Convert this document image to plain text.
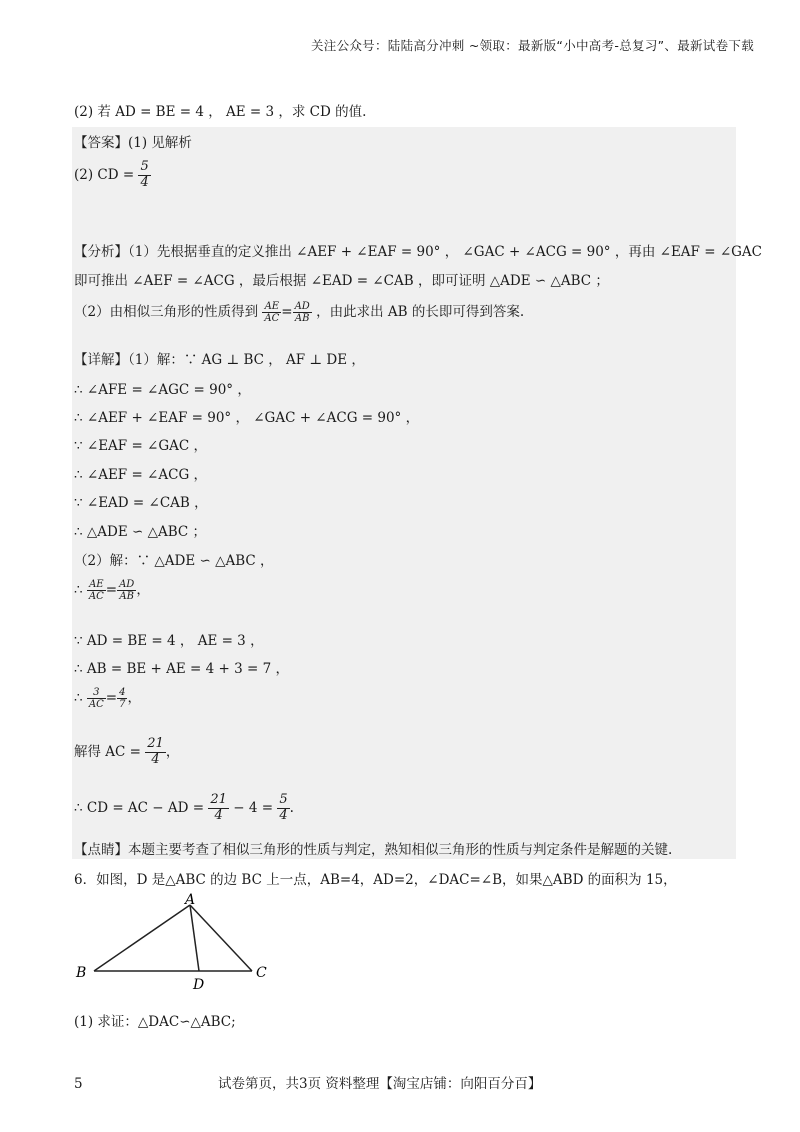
关注公众号：陆陆高分冲刺 ~领取：最新版“小中高考-总复习”、最新试卷下载
(2) 若 AD = BE = 4 ， AE = 3 ，求 CD 的值.
【答案】(1) 见解析
(2) CD = $\frac{5}{4}$
【分析】（1）先根据垂直的定义推出 ∠AEF + ∠EAF = 90° ， ∠GAC + ∠ACG = 90° ，再由 ∠EAF = ∠GAC
即可推出 ∠AEF = ∠ACG ，最后根据 ∠EAD = ∠CAB ，即可证明 △ADE ∽ △ABC ；
（2）由相似三角形的性质得到 $\frac{AE}{AC} = \frac{AD}{AB}$ ，由此求出 AB 的长即可得到答案.
【详解】（1）解：∵ AG ⊥ BC ， AF ⊥ DE ，
∴ ∠AFE = ∠AGC = 90° ，
∴ ∠AEF + ∠EAF = 90° ， ∠GAC + ∠ACG = 90° ，
∵ ∠EAF = ∠GAC ，
∴ ∠AEF = ∠ACG ，
∵ ∠EAD = ∠CAB ，
∴ △ADE ∽ △ABC ；
（2）解：∵ △ADE ∽ △ABC ，
∴ $\frac{AE}{AC} = \frac{AD}{AB}$ ，
∵ AD = BE = 4 ， AE = 3 ，
∴ AB = BE + AE = 4 + 3 = 7 ，
∴ $\frac{3}{AC} = \frac{4}{7}$ ，
解得 AC = $\frac{21}{4}$ ，
∴ CD = AC − AD = $\frac{21}{4} - 4 = \frac{5}{4}$ .
【点睛】本题主要考查了相似三角形的性质与判定，熟知相似三角形的性质与判定条件是解题的关键.
6．如图，D 是△ABC 的边 BC 上一点，AB=4，AD=2，∠DAC=∠B，如果△ABD 的面积为 15，
A
B	C
D
(1) 求证：△DAC∽△ABC;
5	试卷第页，共3页 资料整理【淘宝店铺：向阳百分百】
